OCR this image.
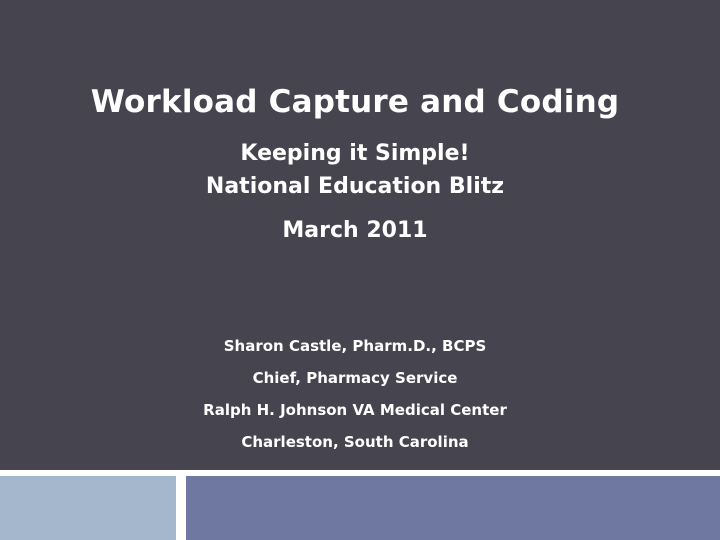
Workload Capture and Coding
Keeping it Simple!
National Education Blitz
March 2011
Sharon Castle, Pharm.D., BCPS
Chief, Pharmacy Service
Ralph H. Johnson VA Medical Center
Charleston, South Carolina
